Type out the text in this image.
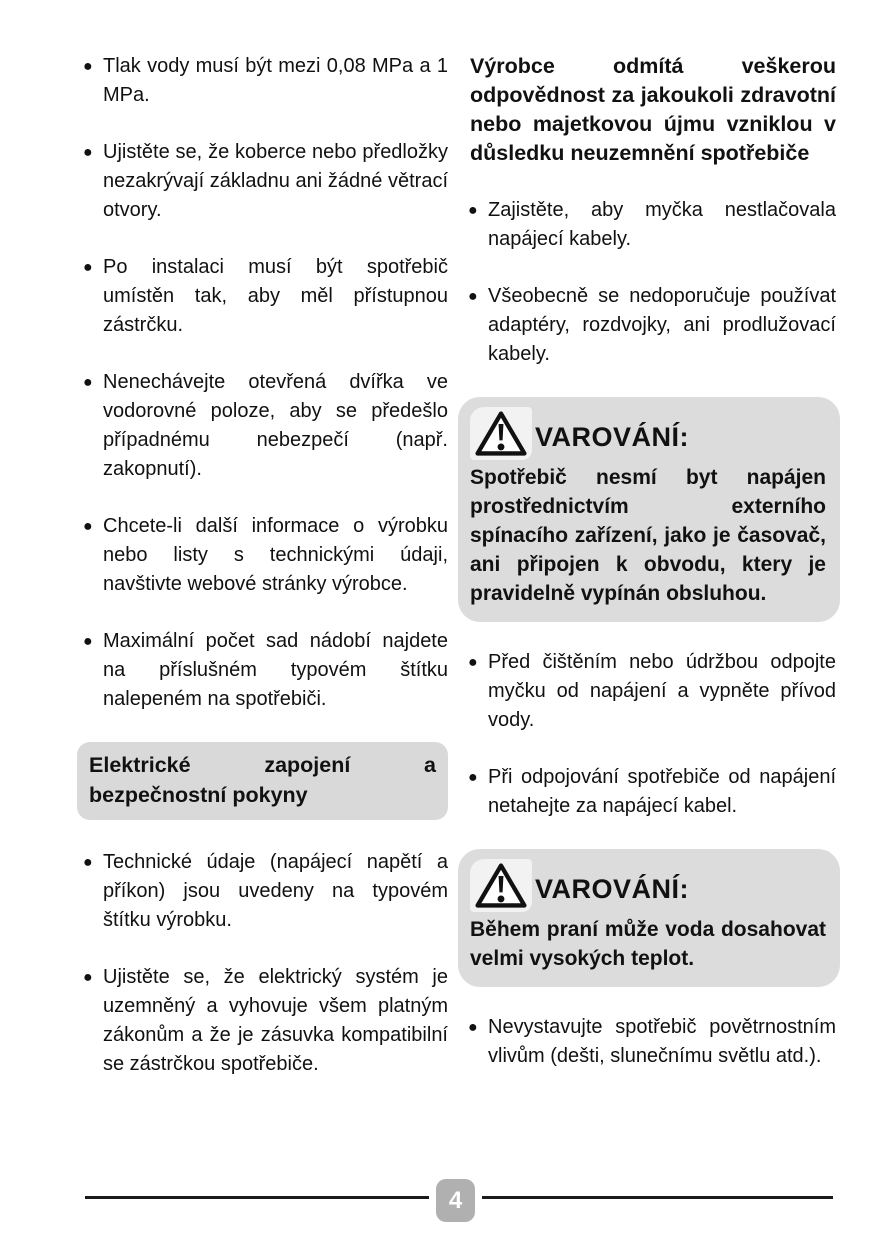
● Tlak vody musí být mezi 0,08 MPa a 1 MPa.
● Ujistěte se, že koberce nebo předložky nezakrývají základnu ani žádné větrací otvory.
● Po instalaci musí být spotřebič umístěn tak, aby měl přístupnou zástrčku.
● Nenechávejte otevřená dvířka ve vodorovné poloze, aby se předešlo případnému nebezpečí (např. zakopnutí).
● Chcete-li další informace o výrobku nebo listy s technickými údaji, navštivte webové stránky výrobce.
● Maximální počet sad nádobí najdete na příslušném typovém štítku nalepeném na spotřebiči.
Elektrické zapojení a bezpečnostní pokyny
● Technické údaje (napájecí napětí a příkon) jsou uvedeny na typovém štítku výrobku.
● Ujistěte se, že elektrický systém je uzemněný a vyhovuje všem platným zákonům a že je zásuvka kompatibilní se zástrčkou spotřebiče.

Výrobce odmítá veškerou odpovědnost za jakoukoli zdravotní nebo majetkovou újmu vzniklou v důsledku neuzemnění spotřebiče

● Zajistěte, aby myčka nestlačovala napájecí kabely.
● Všeobecně se nedoporučuje používat adaptéry, rozdvojky, ani prodlužovací kabely.
VAROVÁNÍ:

Spotřebič nesmí byt napájen prostřednictvím externího spínacího zařízení, jako je časovač, ani připojen k obvodu, ktery je pravidelně vypínán obsluhou.

● Před čištěním nebo údržbou odpojte myčku od napájení a vypněte přívod vody.
● Při odpojování spotřebiče od napájení netahejte za napájecí kabel.
VAROVÁNÍ:

Během praní může voda dosahovat velmi vysokých teplot.

● Nevystavujte spotřebič povětrnostním vlivům (dešti, slunečnímu světlu atd.).
4
